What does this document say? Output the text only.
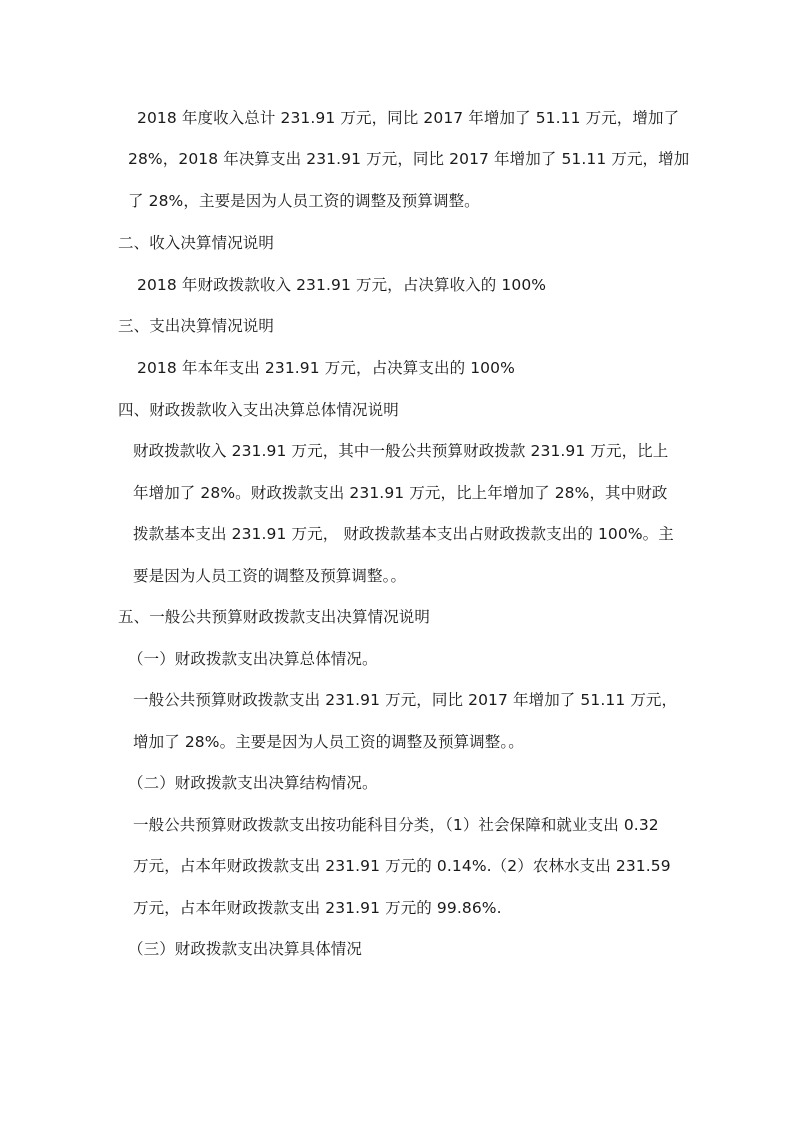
2018 年度收入总计 231.91 万元，同比 2017 年增加了 51.11 万元，增加了
28%，2018 年决算支出 231.91 万元，同比 2017 年增加了 51.11 万元，增加
了 28%，主要是因为人员工资的调整及预算调整。
二、收入决算情况说明
2018 年财政拨款收入 231.91 万元，占决算收入的 100%
三、支出决算情况说明
2018 年本年支出 231.91 万元，占决算支出的 100%
四、财政拨款收入支出决算总体情况说明
财政拨款收入 231.91 万元，其中一般公共预算财政拨款 231.91 万元，比上
年增加了 28%。财政拨款支出 231.91 万元，比上年增加了 28%，其中财政
拨款基本支出 231.91 万元， 财政拨款基本支出占财政拨款支出的 100%。主
要是因为人员工资的调整及预算调整。。
五、一般公共预算财政拨款支出决算情况说明
（一）财政拨款支出决算总体情况。
一般公共预算财政拨款支出 231.91 万元，同比 2017 年增加了 51.11 万元，
增加了 28%。主要是因为人员工资的调整及预算调整。。
（二）财政拨款支出决算结构情况。
一般公共预算财政拨款支出按功能科目分类，（1）社会保障和就业支出 0.32
万元，占本年财政拨款支出 231.91 万元的 0.14%.（2）农林水支出 231.59
万元，占本年财政拨款支出 231.91 万元的 99.86%.
（三）财政拨款支出决算具体情况
